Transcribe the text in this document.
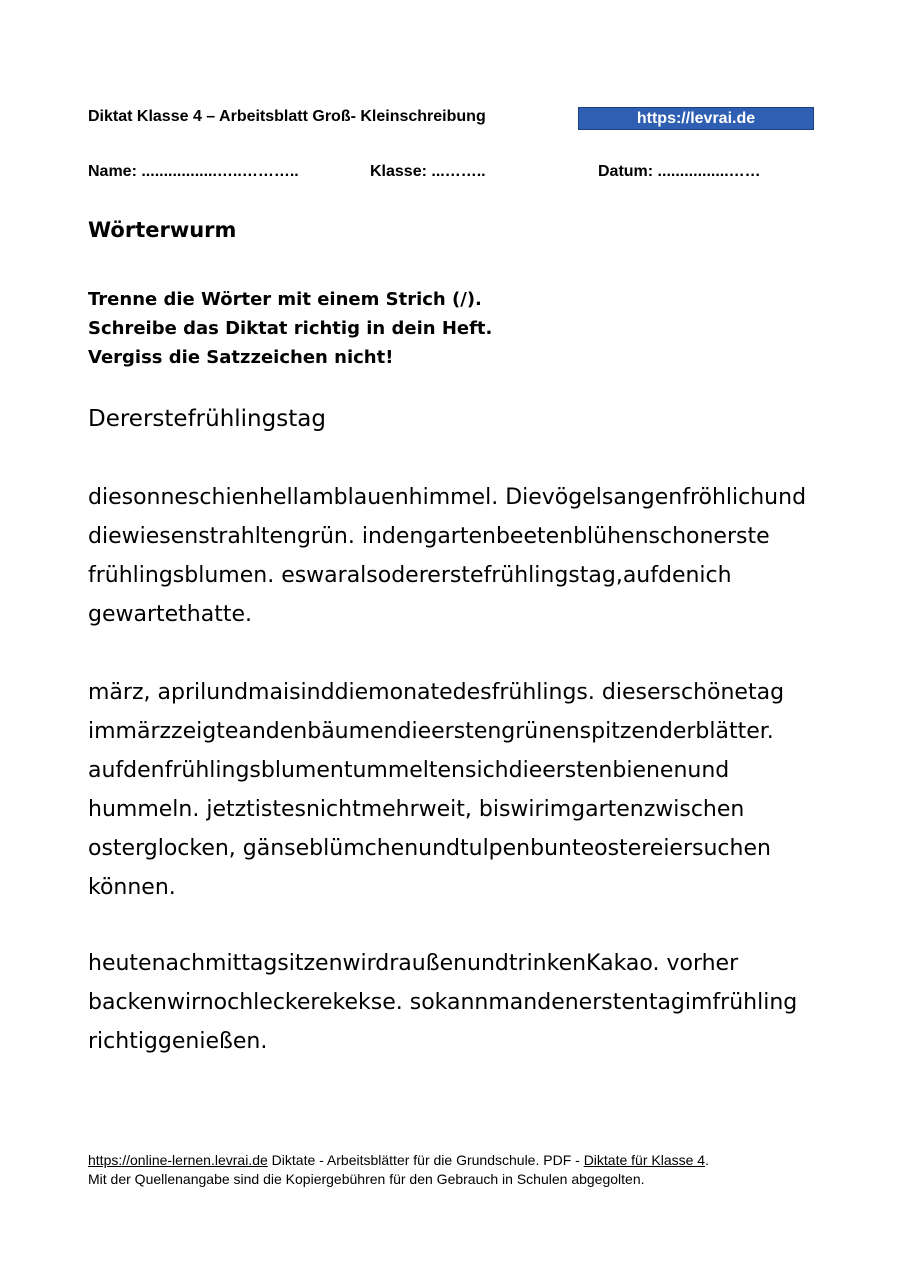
Diktat Klasse 4 – Arbeitsblatt Groß- Kleinschreibung	https://levrai.de
Name: .................…..………..	Klasse: ...……..	Datum: ................……
Wörterwurm
Trenne die Wörter mit einem Strich (/).
Schreibe das Diktat richtig in dein Heft.
Vergiss die Satzzeichen nicht!
Dererstefrühlingstag
diesonneschienhellamblauenhimmel. Dievögelsangenfröhlichund
diewiesenstrahltengrün. indengartenbeetenblühenschonerste
frühlingsblumen. eswaralsodererstefrühlingstag,aufdenich
gewartethatte.
märz, aprilundmaisinddiemonatedesfrühlings. dieserschönetag
immärzzeigteandenbäumendieerstengrünenspitzenderblätter.
aufdenfrühlingsblumentummeltensichdieerstenbienenund
hummeln. jetztistesnichtmehrweit, biswirimgartenzwischen
osterglocken, gänseblümchenundtulpenbunteostereiersuchen
können.
heutenachmittagsitzenwirdraußenundtrinkenKakao. vorher
backenwirnochleckerekekse. sokannmandenerstentagimfrühling
richtiggenießen.
https://online-lernen.levrai.de Diktate - Arbeitsblätter für die Grundschule. PDF - Diktate für Klasse 4.
Mit der Quellenangabe sind die Kopiergebühren für den Gebrauch in Schulen abgegolten.
